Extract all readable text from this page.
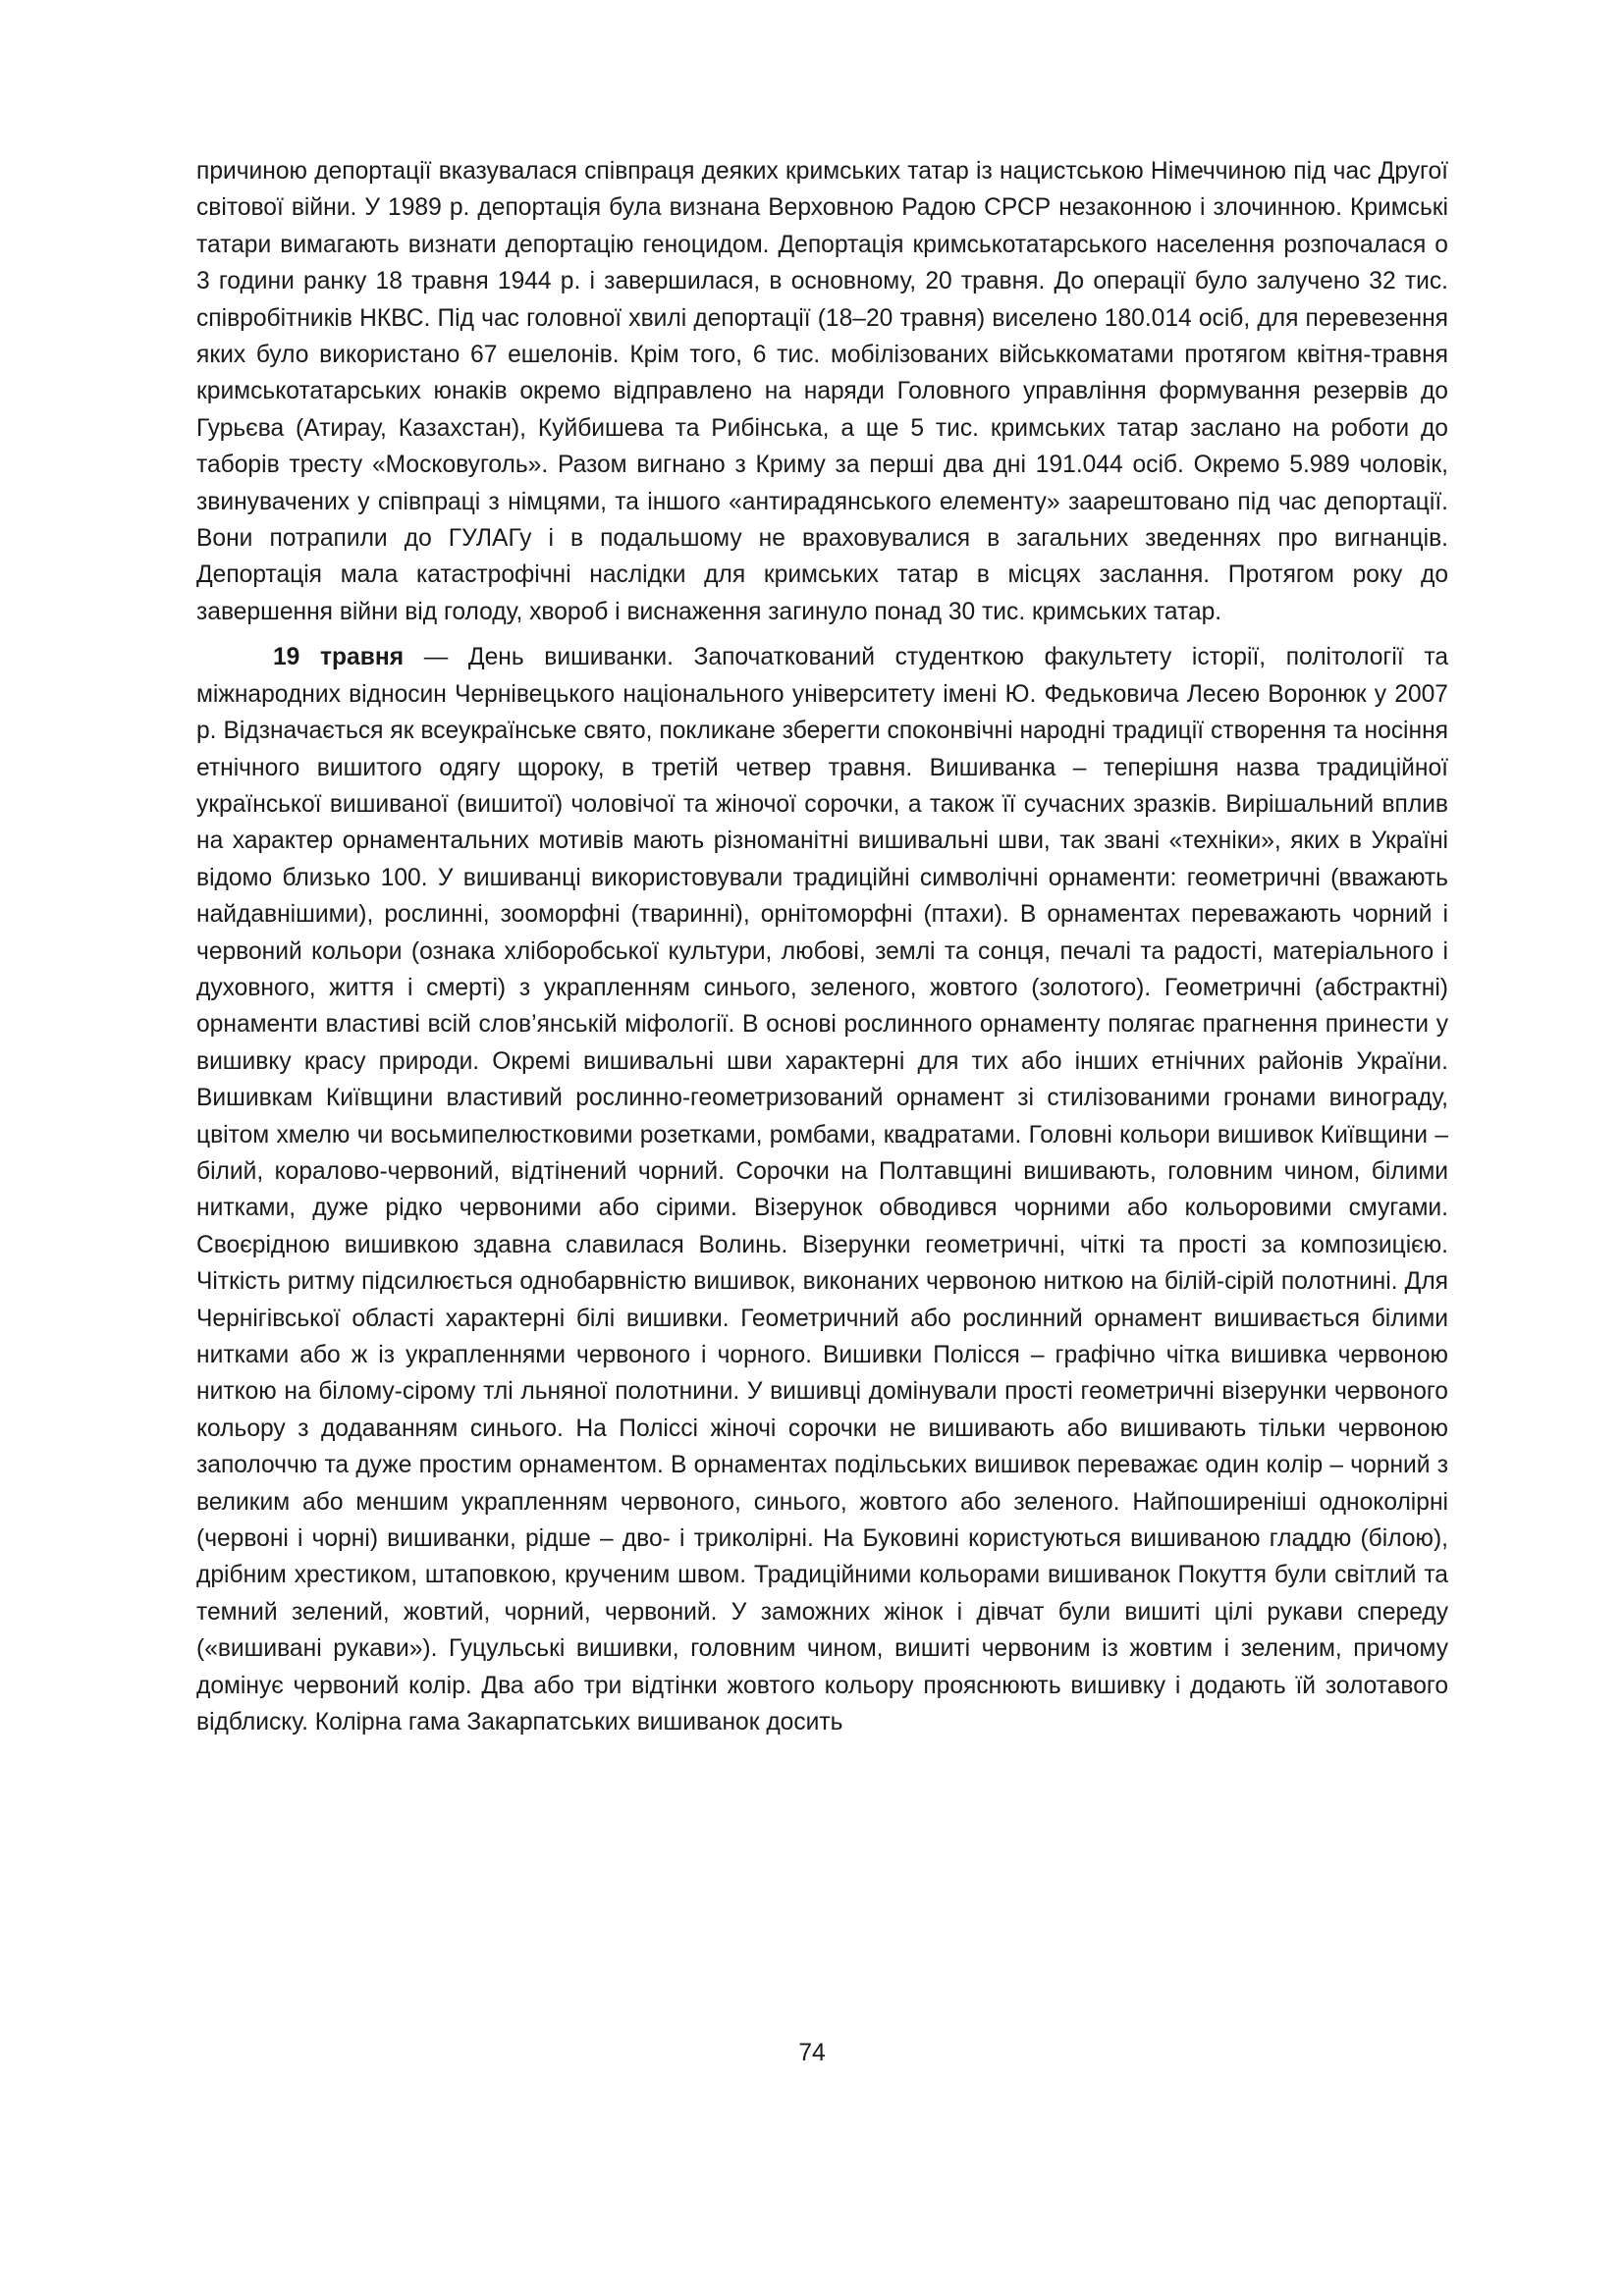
причиною депортації вказувалася співпраця деяких кримських татар із нацистською Німеччиною під час Другої світової війни. У 1989 р. депортація була визнана Верховною Радою СРСР незаконною і злочинною. Кримські татари вимагають визнати депортацію геноцидом. Депортація кримськотатарського населення розпочалася о 3 години ранку 18 травня 1944 р. і завершилася, в основному, 20 травня. До операції було залучено 32 тис. співробітників НКВС. Під час головної хвилі депортації (18–20 травня) виселено 180.014 осіб, для перевезення яких було використано 67 ешелонів. Крім того, 6 тис. мобілізованих військкоматами протягом квітня-травня кримськотатарських юнаків окремо відправлено на наряди Головного управління формування резервів до Гурьєва (Атирау, Казахстан), Куйбишева та Рибінська, а ще 5 тис. кримських татар заслано на роботи до таборів тресту «Московуголь». Разом вигнано з Криму за перші два дні 191.044 осіб. Окремо 5.989 чоловік, звинувачених у співпраці з німцями, та іншого «антирадянського елементу» заарештовано під час депортації. Вони потрапили до ГУЛАГу і в подальшому не враховувалися в загальних зведеннях про вигнанців. Депортація мала катастрофічні наслідки для кримських татар в місцях заслання. Протягом року до завершення війни від голоду, хвороб і виснаження загинуло понад 30 тис. кримських татар.

19 травня — День вишиванки. Започаткований студенткою факультету історії, політології та міжнародних відносин Чернівецького національного університету імені Ю. Федьковича Лесею Воронюк у 2007 р. Відзначається як всеукраїнське свято, покликане зберегти споконвічні народні традиції створення та носіння етнічного вишитого одягу щороку, в третій четвер травня. Вишиванка – теперішня назва традиційної української вишиваної (вишитої) чоловічої та жіночої сорочки, а також її сучасних зразків. Вирішальний вплив на характер орнаментальних мотивів мають різноманітні вишивальні шви, так звані «техніки», яких в Україні відомо близько 100. У вишиванці використовували традиційні символічні орнаменти: геометричні (вважають найдавнішими), рослинні, зооморфні (тваринні), орнітоморфні (птахи). В орнаментах переважають чорний і червоний кольори (ознака хліборобської культури, любові, землі та сонця, печалі та радості, матеріального і духовного, життя і смерті) з украпленням синього, зеленого, жовтого (золотого). Геометричні (абстрактні) орнаменти властиві всій слов’янській міфології. В основі рослинного орнаменту полягає прагнення принести у вишивку красу природи. Окремі вишивальні шви характерні для тих або інших етнічних районів України. Вишивкам Київщини властивий рослинно-геометризований орнамент зі стилізованими гронами винограду, цвітом хмелю чи восьмипелюстковими розетками, ромбами, квадратами. Головні кольори вишивок Київщини – білий, коралово-червоний, відтінений чорний. Сорочки на Полтавщині вишивають, головним чином, білими нитками, дуже рідко червоними або сірими. Візерунок обводився чорними або кольоровими смугами. Своєрідною вишивкою здавна славилася Волинь. Візерунки геометричні, чіткі та прості за композицією. Чіткість ритму підсилюється однобарвністю вишивок, виконаних червоною ниткою на білій-сірій полотнині. Для Чернігівської області характерні білі вишивки. Геометричний або рослинний орнамент вишивається білими нитками або ж із украпленнями червоного і чорного. Вишивки Полісся – графічно чітка вишивка червоною ниткою на білому-сірому тлі льняної полотнини. У вишивці домінували прості геометричні візерунки червоного кольору з додаванням синього. На Поліссі жіночі сорочки не вишивають або вишивають тільки червоною заполоччю та дуже простим орнаментом. В орнаментах подільських вишивок переважає один колір – чорний з великим або меншим украпленням червоного, синього, жовтого або зеленого. Найпоширеніші одноколірні (червоні і чорні) вишиванки, рідше – дво- і триколірні. На Буковині користуються вишиваною гладдю (білою), дрібним хрестиком, штаповкою, крученим швом. Традиційними кольорами вишиванок Покуття були світлий та темний зелений, жовтий, чорний, червоний. У заможних жінок і дівчат були вишиті цілі рукави спереду («вишивані рукави»). Гуцульські вишивки, головним чином, вишиті червоним із жовтим і зеленим, причому домінує червоний колір. Два або три відтінки жовтого кольору прояснюють вишивку і додають їй золотавого відблиску. Колірна гама Закарпатських вишиванок досить

74
